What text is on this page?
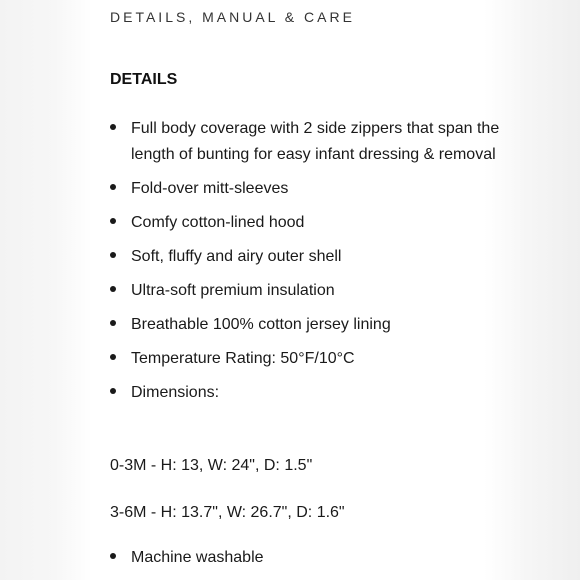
DETAILS, MANUAL & CARE
DETAILS
Full body coverage with 2 side zippers that span the length of bunting for easy infant dressing & removal
Fold-over mitt-sleeves
Comfy cotton-lined hood
Soft, fluffy and airy outer shell
Ultra-soft premium insulation
Breathable 100% cotton jersey lining
Temperature Rating: 50°F/10°C
Dimensions:
0-3M - H: 13, W: 24", D: 1.5"
3-6M - H: 13.7", W: 26.7", D: 1.6"
Machine washable
